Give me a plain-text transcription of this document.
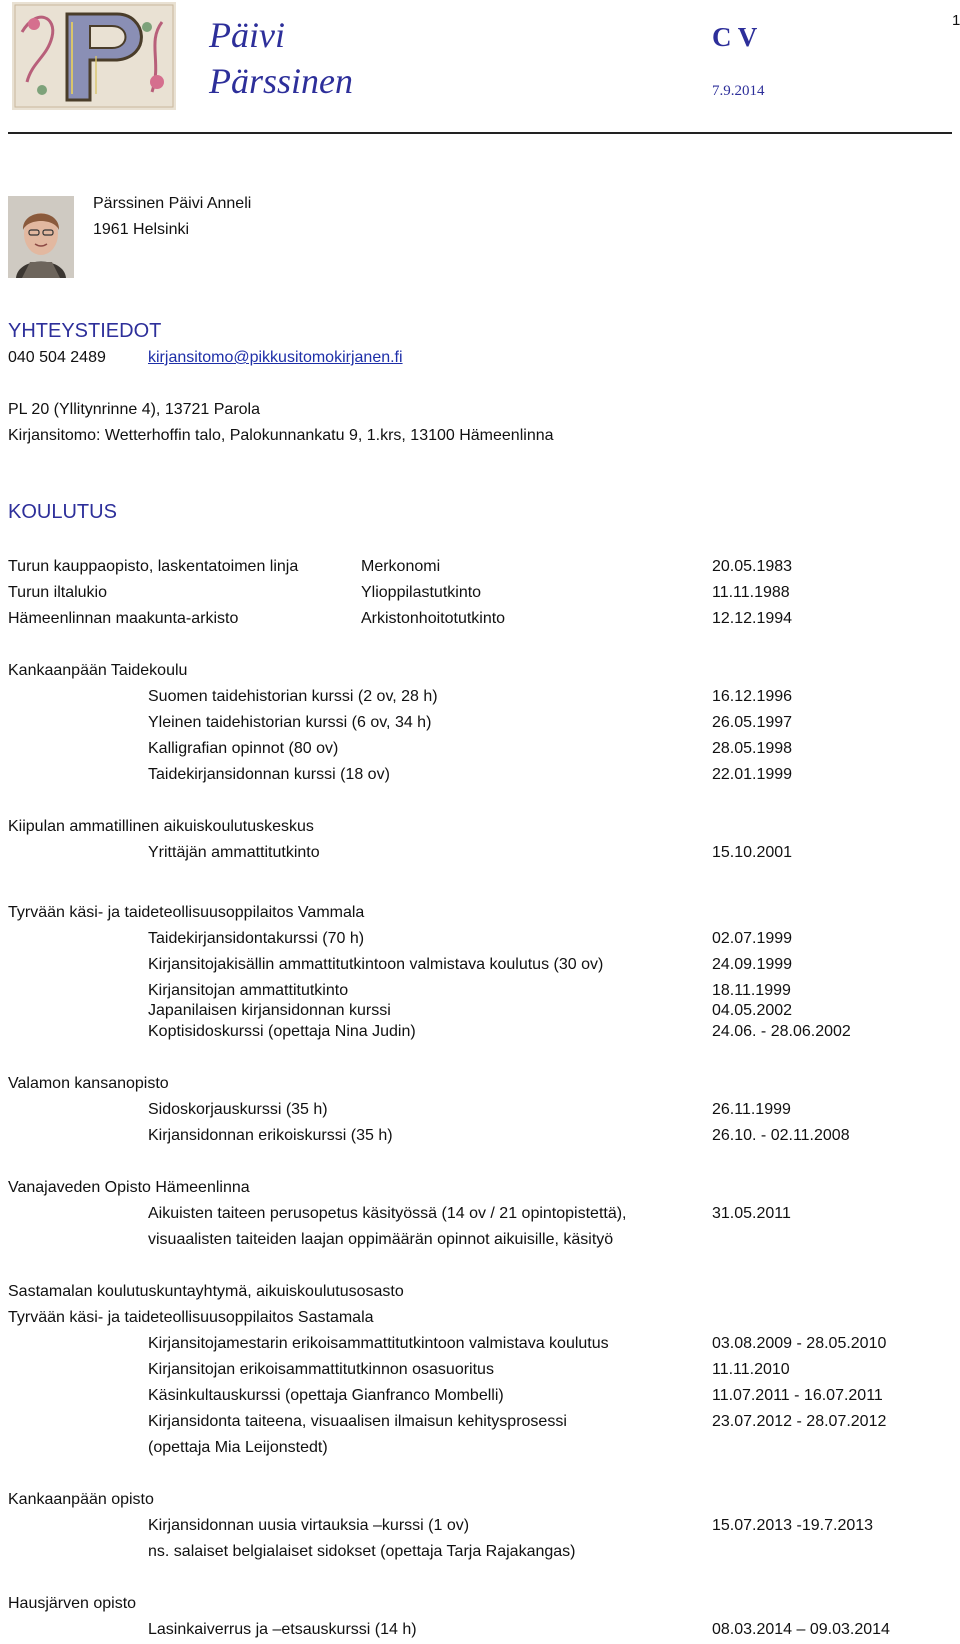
Päivi
Pärssinen
C V
7.9.2014
1
Pärssinen Päivi Anneli
1961 Helsinki
YHTEYSTIEDOT
040 504 2489	kirjansitomo@pikkusitomokirjanen.fi
PL 20 (Yllitynrinne 4), 13721 Parola
Kirjansitomo: Wetterhoffin talo, Palokunnankatu 9, 1.krs, 13100 Hämeenlinna
KOULUTUS
Turun kauppaopisto, laskentatoimen linja	Merkonomi	20.05.1983
Turun iltalukio	Ylioppilastutkinto	11.11.1988
Hämeenlinnan maakunta-arkisto	Arkistonhoitotutkinto	12.12.1994
Kankaanpään Taidekoulu
Suomen taidehistorian kurssi (2 ov, 28 h)	16.12.1996
Yleinen taidehistorian kurssi (6 ov, 34 h)	26.05.1997
Kalligrafian opinnot (80 ov)	28.05.1998
Taidekirjansidonnan kurssi (18 ov)	22.01.1999
Kiipulan ammatillinen aikuiskoulutuskeskus
Yrittäjän ammattitutkinto	15.10.2001
Tyrvään käsi- ja taideteollisuusoppilaitos Vammala
Taidekirjansidontakurssi (70 h)	02.07.1999
Kirjansitojakisällin ammattitutkintoon valmistava koulutus (30 ov)	24.09.1999
Kirjansitojan ammattitutkinto	18.11.1999
Japanilaisen kirjansidonnan kurssi	04.05.2002
Koptisidoskurssi (opettaja Nina Judin)	24.06. - 28.06.2002
Valamon kansanopisto
Sidoskorjauskurssi (35 h)	26.11.1999
Kirjansidonnan erikoiskurssi (35 h)	26.10. - 02.11.2008
Vanajaveden Opisto Hämeenlinna
Aikuisten taiteen perusopetus käsityössä (14 ov / 21 opintopistettä),	31.05.2011
visuaalisten taiteiden laajan oppimäärän opinnot aikuisille, käsityö
Sastamalan koulutuskuntayhtymä, aikuiskoulutusosasto
Tyrvään käsi- ja taideteollisuusoppilaitos Sastamala
Kirjansitojamestarin erikoisammattitutkintoon valmistava koulutus	03.08.2009 - 28.05.2010
Kirjansitojan erikoisammattitutkinnon osasuoritus	11.11.2010
Käsinkultauskurssi (opettaja Gianfranco Mombelli)	11.07.2011 - 16.07.2011
Kirjansidonta taiteena, visuaalisen ilmaisun kehitysprosessi	23.07.2012 - 28.07.2012
(opettaja Mia Leijonstedt)
Kankaanpään opisto
Kirjansidonnan uusia virtauksia –kurssi (1 ov)	15.07.2013 -19.7.2013
ns. salaiset belgialaiset sidokset (opettaja Tarja Rajakangas)
Hausjärven opisto
Lasinkaiverrus ja –etsauskurssi (14 h)	08.03.2014 – 09.03.2014
